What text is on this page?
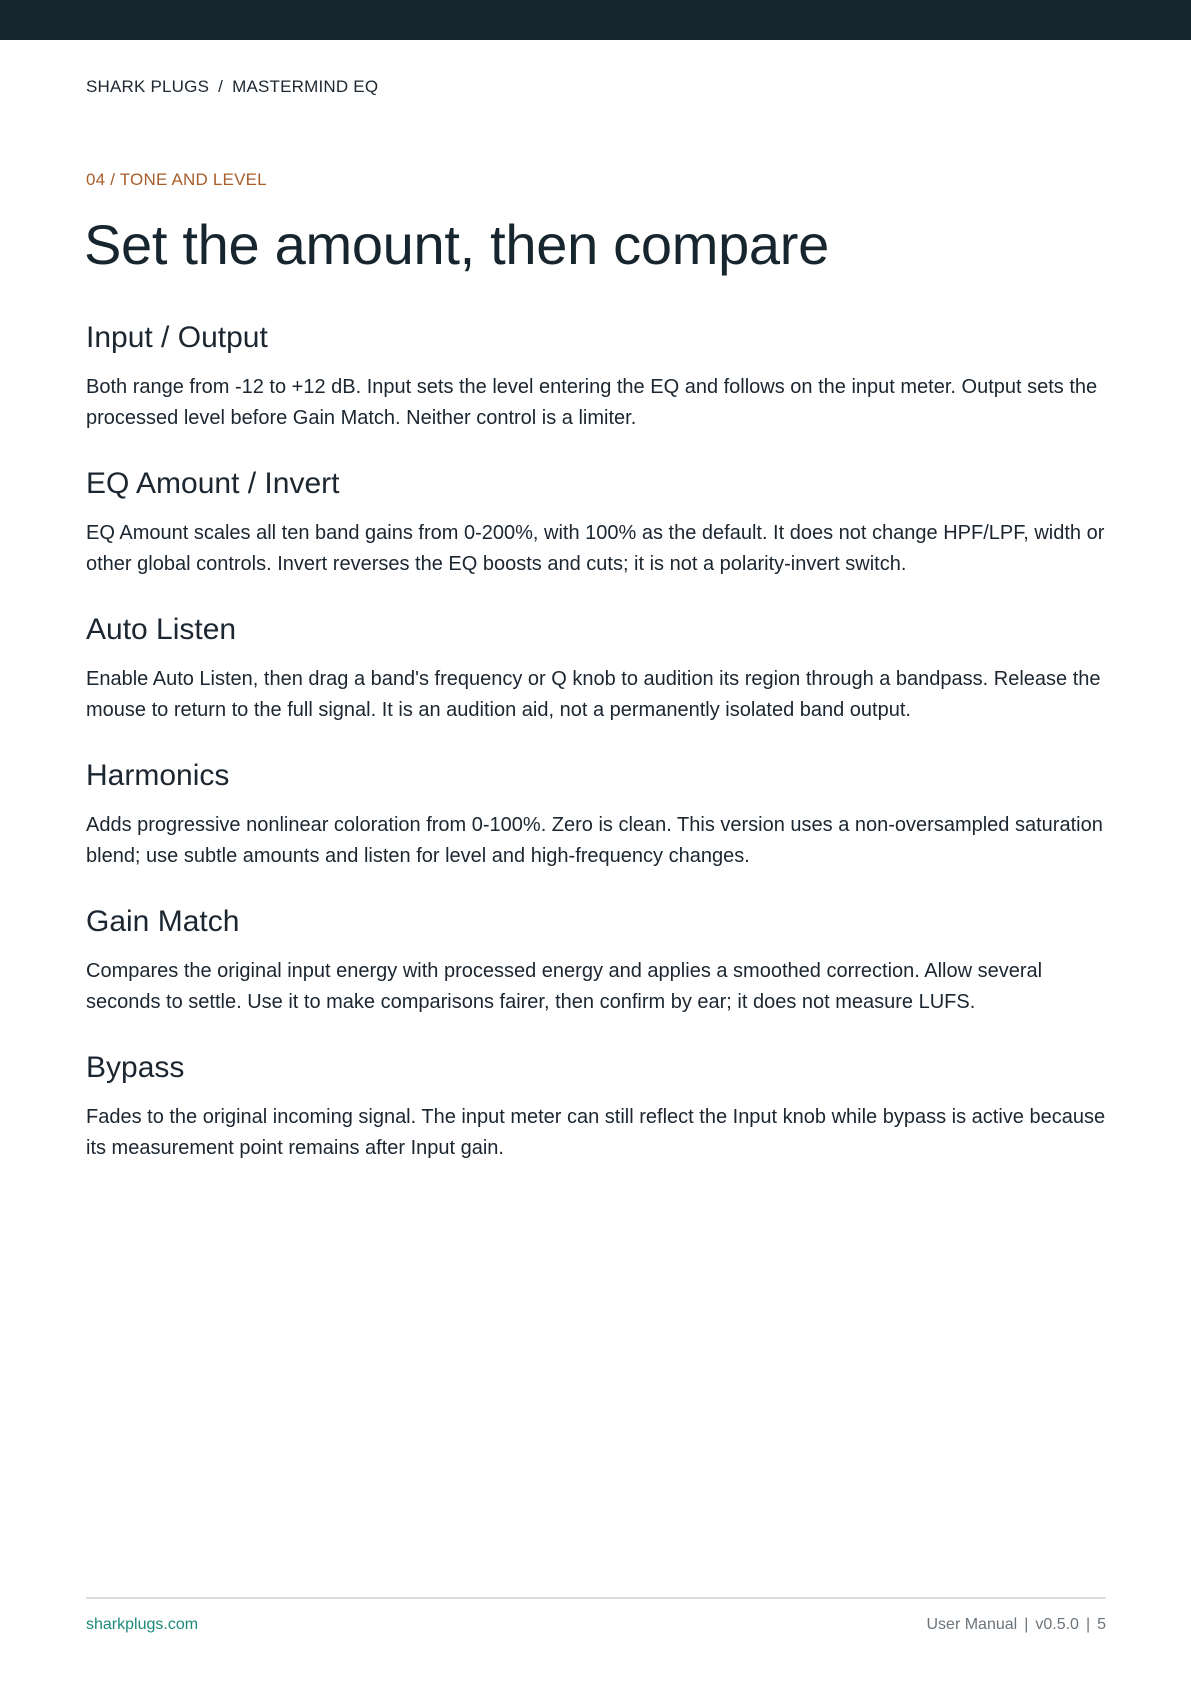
SHARK PLUGS / MASTERMIND EQ
04 / TONE AND LEVEL
Set the amount, then compare
Input / Output

Both range from -12 to +12 dB. Input sets the level entering the EQ and follows on the input meter. Output sets the processed level before Gain Match. Neither control is a limiter.

EQ Amount / Invert

EQ Amount scales all ten band gains from 0-200%, with 100% as the default. It does not change HPF/LPF, width or other global controls. Invert reverses the EQ boosts and cuts; it is not a polarity-invert switch.

Auto Listen

Enable Auto Listen, then drag a band's frequency or Q knob to audition its region through a bandpass. Release the mouse to return to the full signal. It is an audition aid, not a permanently isolated band output.

Harmonics

Adds progressive nonlinear coloration from 0-100%. Zero is clean. This version uses a non-oversampled saturation blend; use subtle amounts and listen for level and high-frequency changes.

Gain Match

Compares the original input energy with processed energy and applies a smoothed correction. Allow several seconds to settle. Use it to make comparisons fairer, then confirm by ear; it does not measure LUFS.

Bypass

Fades to the original incoming signal. The input meter can still reflect the Input knob while bypass is active because its measurement point remains after Input gain.

sharkplugs.com	User Manual | v0.5.0 | 5
